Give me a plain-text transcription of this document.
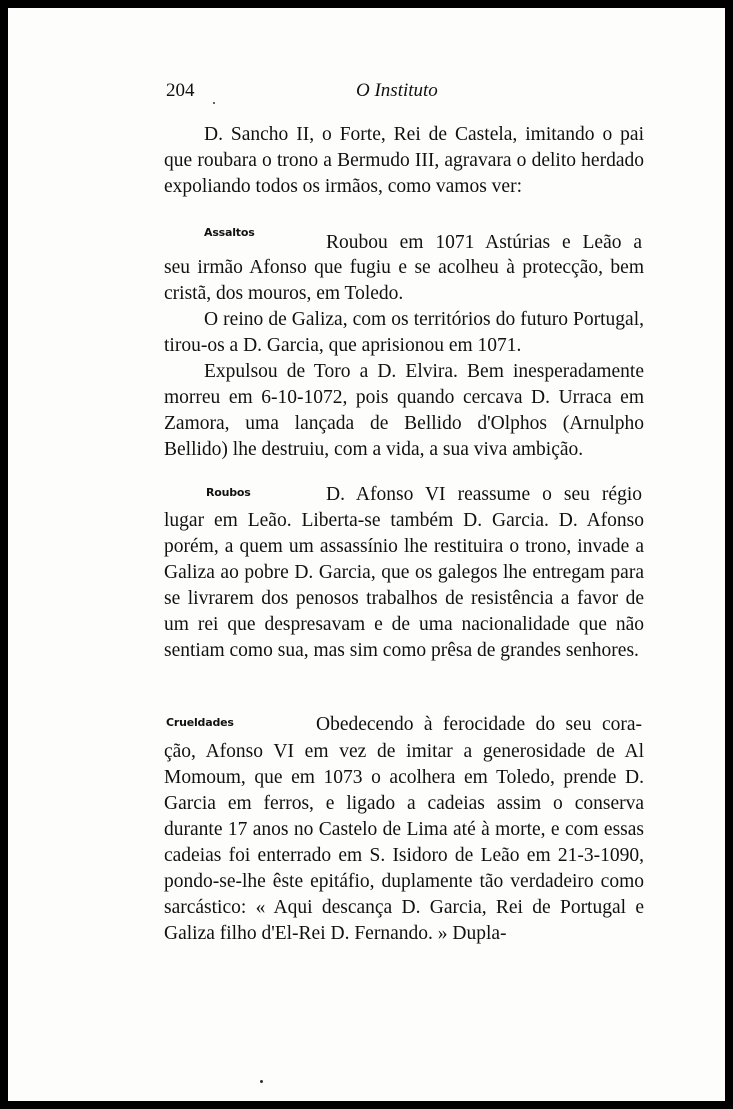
204	O Instituto

D. Sancho II, o Forte, Rei de Castela, imitando o pai que roubara o trono a Bermudo III, agravara o delito herdado expoliando todos os irmãos, como vamos ver:

Assaltos	Roubou em 1071 Astúrias e Leão a

seu irmão Afonso que fugiu e se acolheu à protecção, bem cristã, dos mouros, em Toledo.

O reino de Galiza, com os territórios do futuro Portugal, tirou-os a D. Garcia, que aprisionou em 1071.

Expulsou de Toro a D. Elvira. Bem inesperadamente morreu em 6-10-1072, pois quando cercava D. Urraca em Zamora, uma lançada de Bellido d'Olphos (Arnulpho Bellido) lhe destruiu, com a vida, a sua viva ambição.

Roubos	D. Afonso VI reassume o seu régio

lugar em Leão. Liberta-se também D. Garcia. D. Afonso porém, a quem um assassínio lhe restituira o trono, invade a Galiza ao pobre D. Garcia, que os galegos lhe entregam para se livrarem dos penosos trabalhos de resistência a favor de um rei que despresavam e de uma nacionalidade que não sentiam como sua, mas sim como prêsa de grandes senhores.

Crueldades	Obedecendo à ferocidade do seu cora-

ção, Afonso VI em vez de imitar a generosidade de Al Momoum, que em 1073 o acolhera em Toledo, prende D. Garcia em ferros, e ligado a cadeias assim o conserva durante 17 anos no Castelo de Lima até à morte, e com essas cadeias foi enterrado em S. Isidoro de Leão em 21-3-1090, pondo-se-lhe êste epitáfio, duplamente tão verdadeiro como sarcástico: « Aqui descança D. Garcia, Rei de Portugal e Galiza filho d'El-Rei D. Fernando. » Dupla-
